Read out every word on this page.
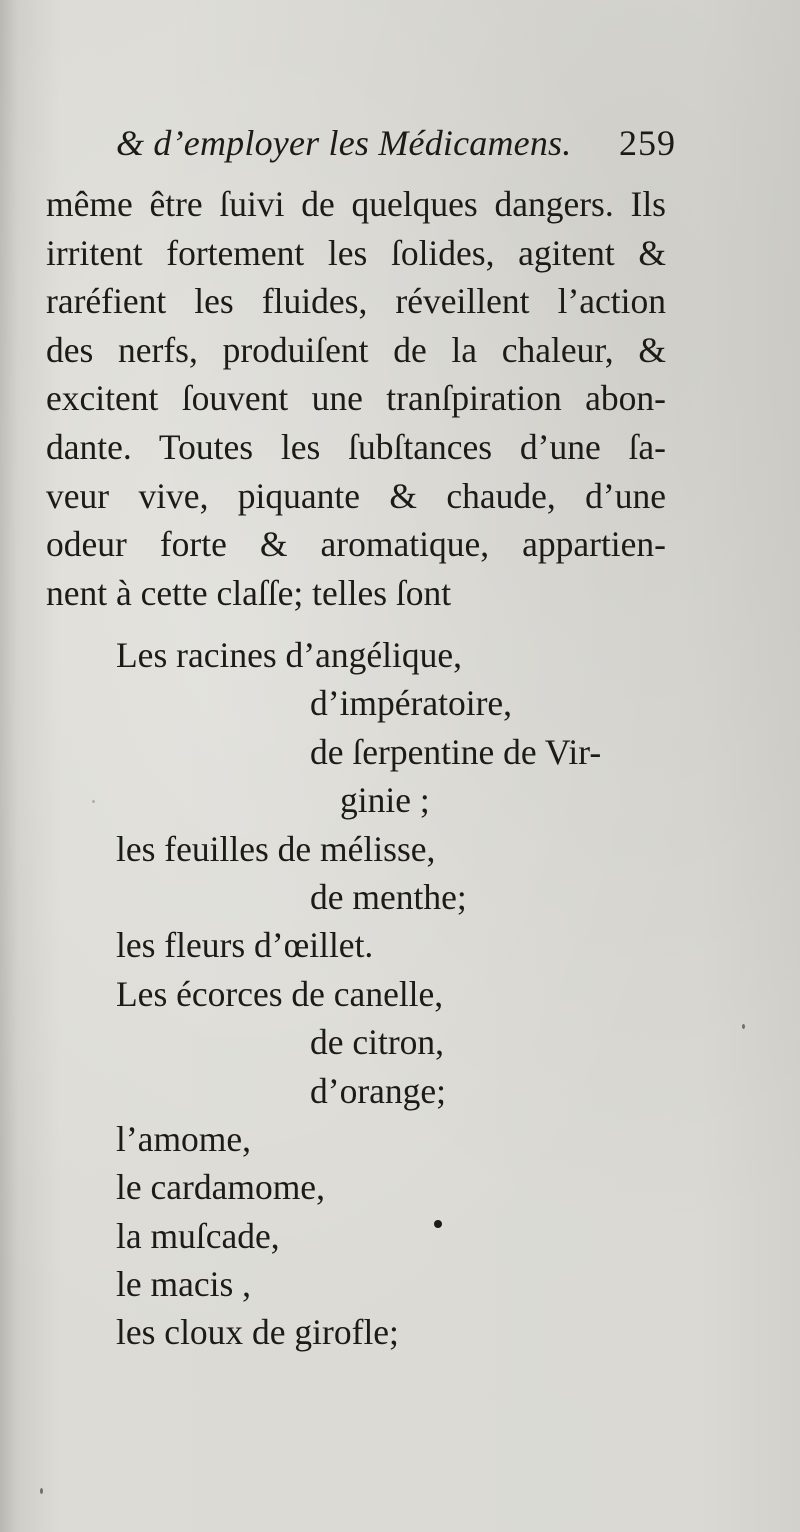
& d’employer les Médicamens. 259
même être ſuivi de quelques dangers. Ils
irritent fortement les ſolides, agitent &
raréfient les fluides, réveillent l’action
des nerfs, produiſent de la chaleur, &
excitent ſouvent une tranſpiration abon-
dante. Toutes les ſubſtances d’une ſa-
veur vive, piquante & chaude, d’une
odeur forte & aromatique, appartien-
nent à cette claſſe; telles ſont
Les racines d’angélique,
d’impératoire,
de ſerpentine de Vir-
ginie ;
les feuilles de mélisse,
de menthe;
les fleurs d’œillet.
Les écorces de canelle,
de citron,
d’orange;
l’amome,
le cardamome,
la muſcade,
le macis ,
les cloux de girofle;
